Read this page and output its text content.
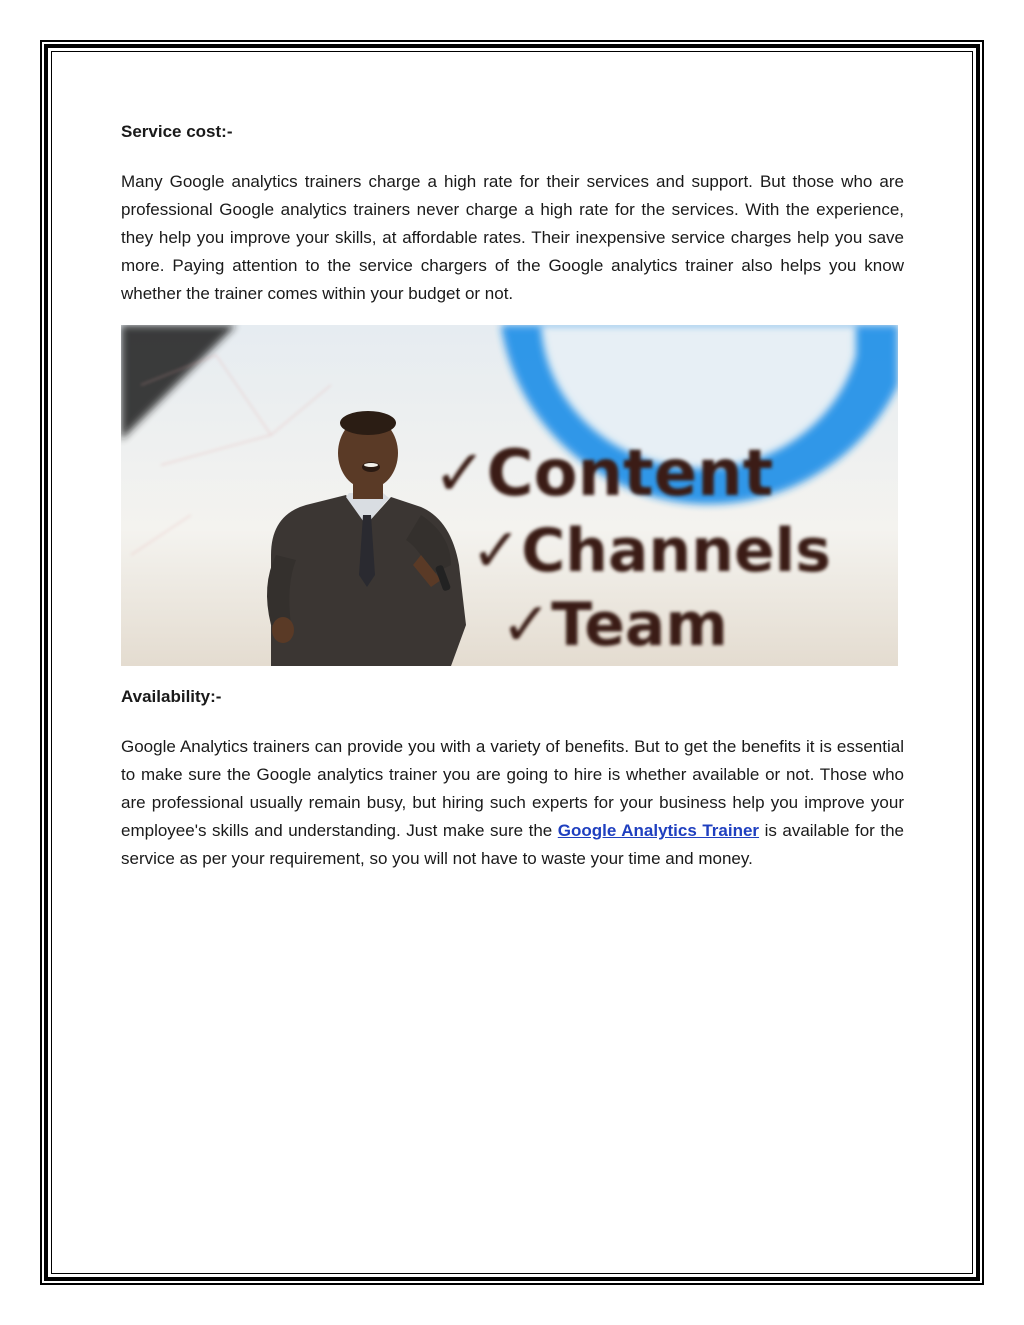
Service cost:-

Many Google analytics trainers charge a high rate for their services and support. But those who are professional Google analytics trainers never charge a high rate for the services. With the experience, they help you improve your skills, at affordable rates. Their inexpensive service charges help you save more. Paying attention to the service chargers of the Google analytics trainer also helps you know whether the trainer comes within your budget or not.

✓Content
✓Channels
✓Team

Availability:-

Google Analytics trainers can provide you with a variety of benefits. But to get the benefits it is essential to make sure the Google analytics trainer you are going to hire is whether available or not. Those who are professional usually remain busy, but hiring such experts for your business help you improve your employee's skills and understanding. Just make sure the Google Analytics Trainer is available for the service as per your requirement, so you will not have to waste your time and money.
